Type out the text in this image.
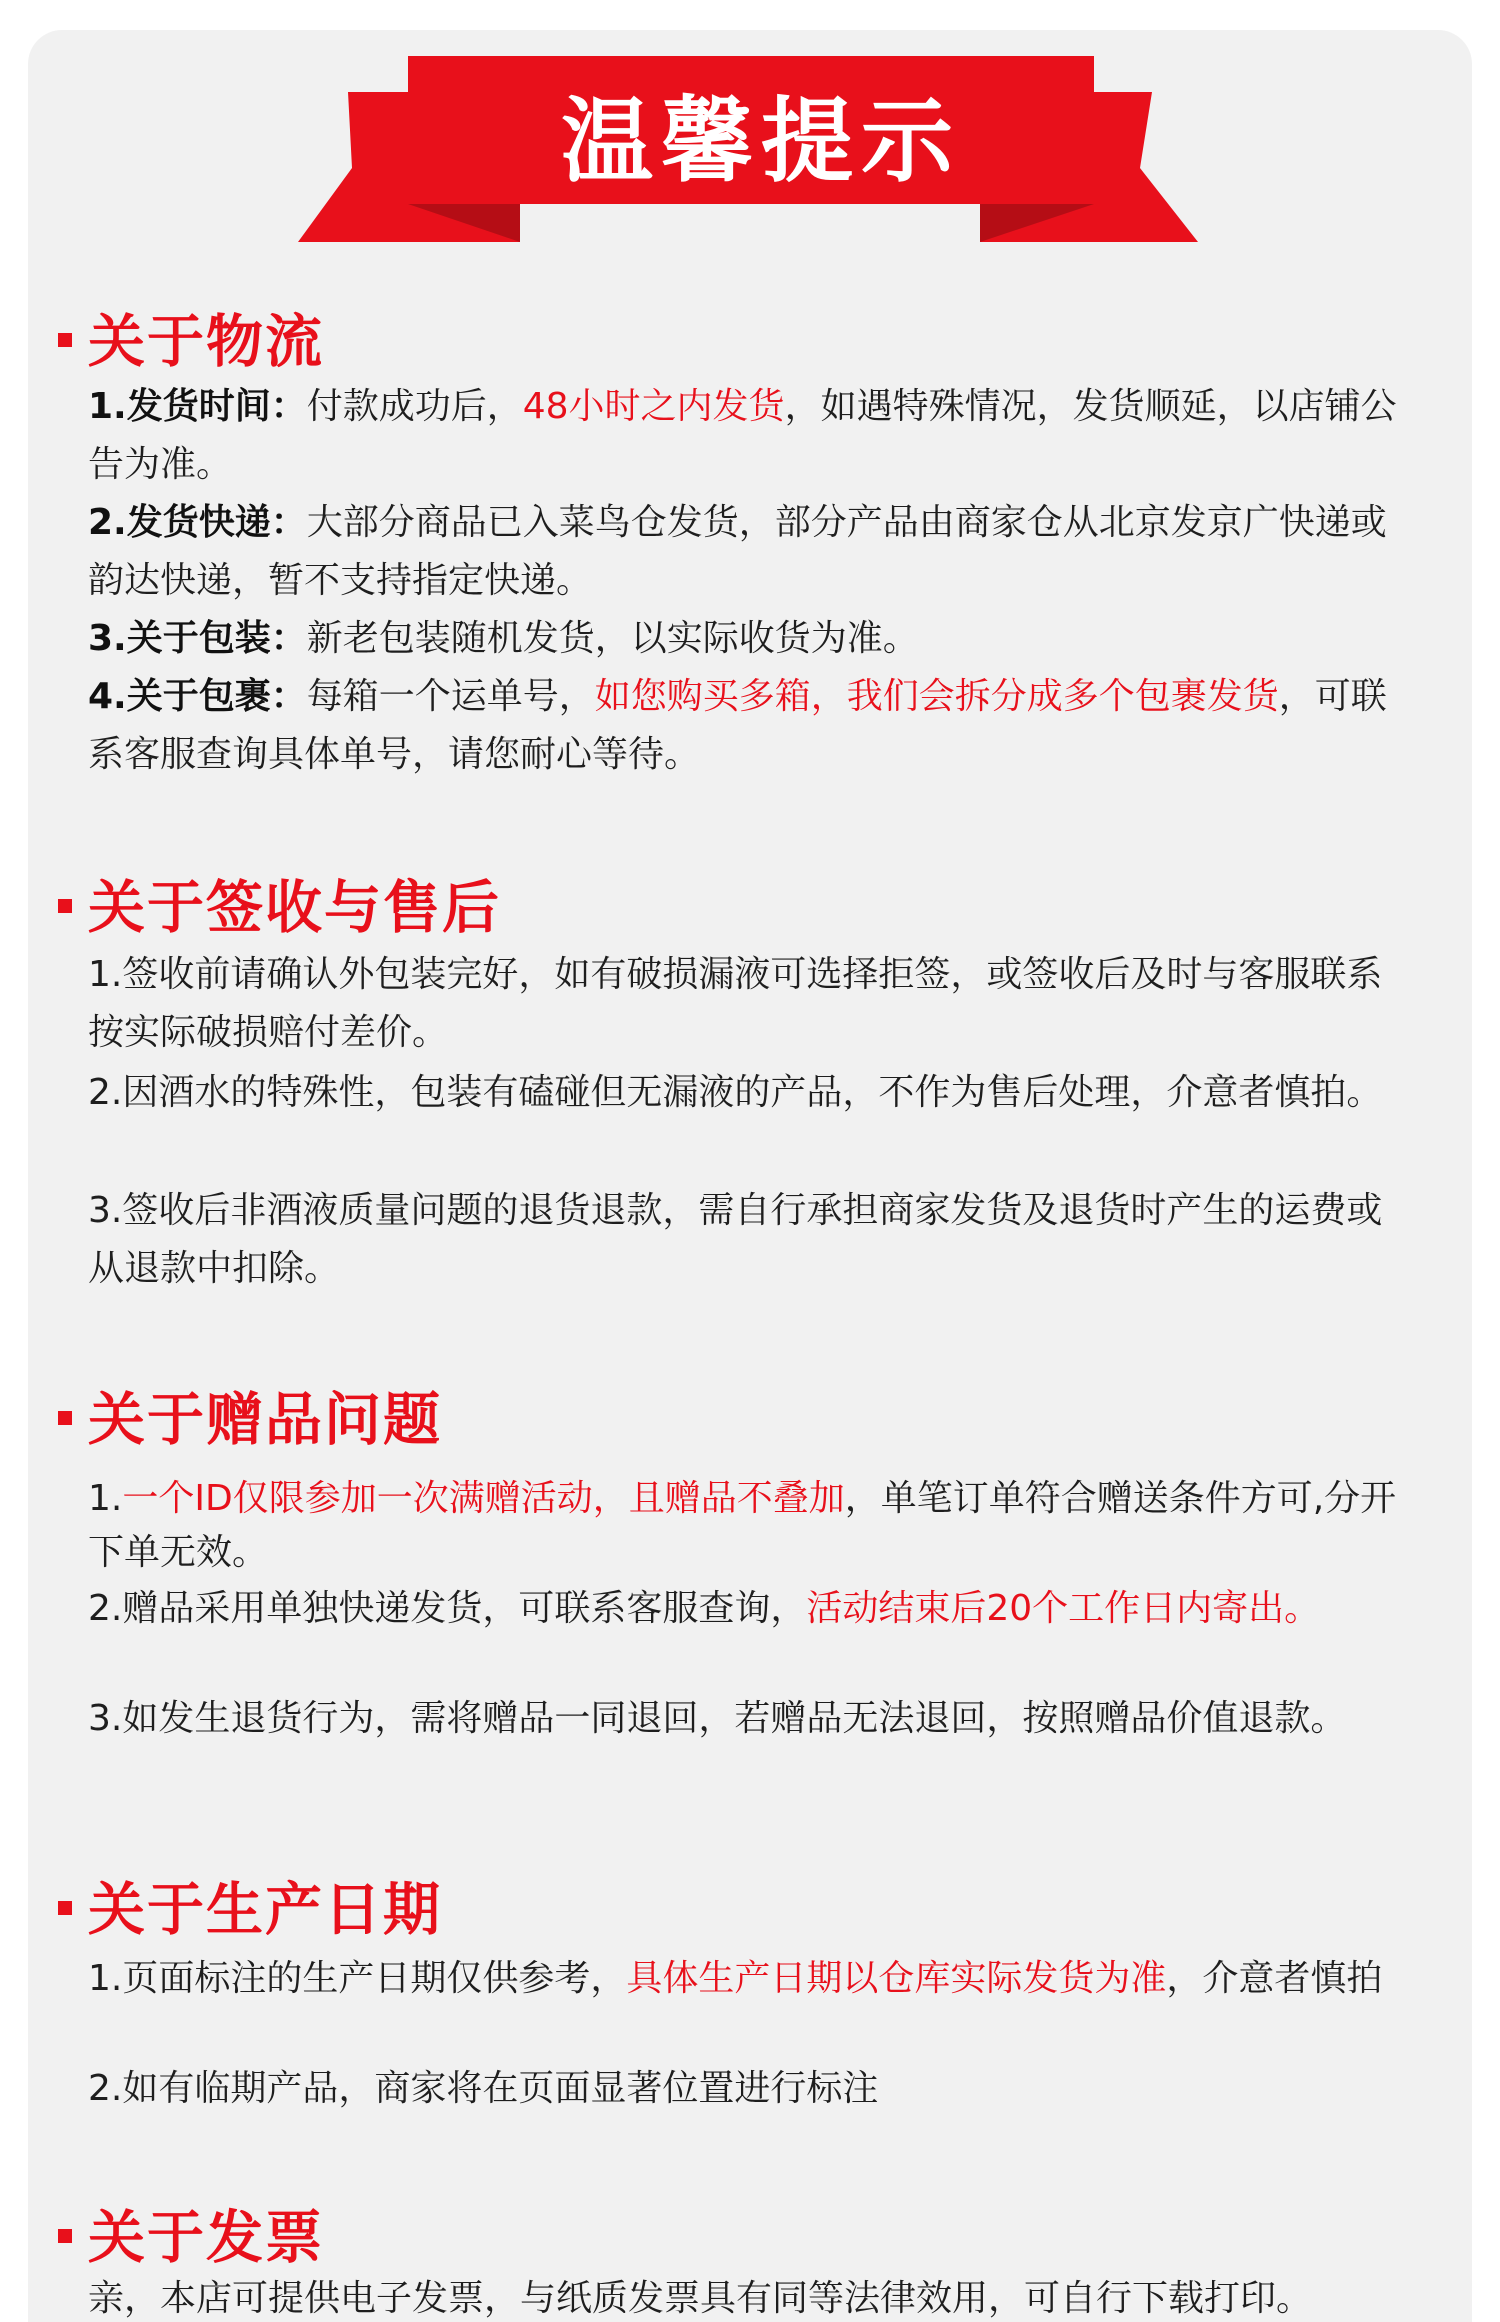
温馨提示
关于物流
1.发货时间：付款成功后，48小时之内发货，如遇特殊情况，发货顺延，以店铺公告为准。
2.发货快递：大部分商品已入菜鸟仓发货，部分产品由商家仓从北京发京广快递或韵达快递，暂不支持指定快递。
3.关于包装：新老包装随机发货，以实际收货为准。
4.关于包裹：每箱一个运单号，如您购买多箱，我们会拆分成多个包裹发货，可联系客服查询具体单号，请您耐心等待。
关于签收与售后
1.签收前请确认外包装完好，如有破损漏液可选择拒签，或签收后及时与客服联系按实际破损赔付差价。
2.因酒水的特殊性，包装有磕碰但无漏液的产品，不作为售后处理，介意者慎拍。
3.签收后非酒液质量问题的退货退款，需自行承担商家发货及退货时产生的运费或从退款中扣除。
关于赠品问题
1.一个ID仅限参加一次满赠活动，且赠品不叠加，单笔订单符合赠送条件方可,分开下单无效。
2.赠品采用单独快递发货，可联系客服查询，活动结束后20个工作日内寄出。
3.如发生退货行为，需将赠品一同退回，若赠品无法退回，按照赠品价值退款。
关于生产日期
1.页面标注的生产日期仅供参考，具体生产日期以仓库实际发货为准，介意者慎拍
2.如有临期产品，商家将在页面显著位置进行标注
关于发票
亲，本店可提供电子发票，与纸质发票具有同等法律效用，可自行下载打印。
